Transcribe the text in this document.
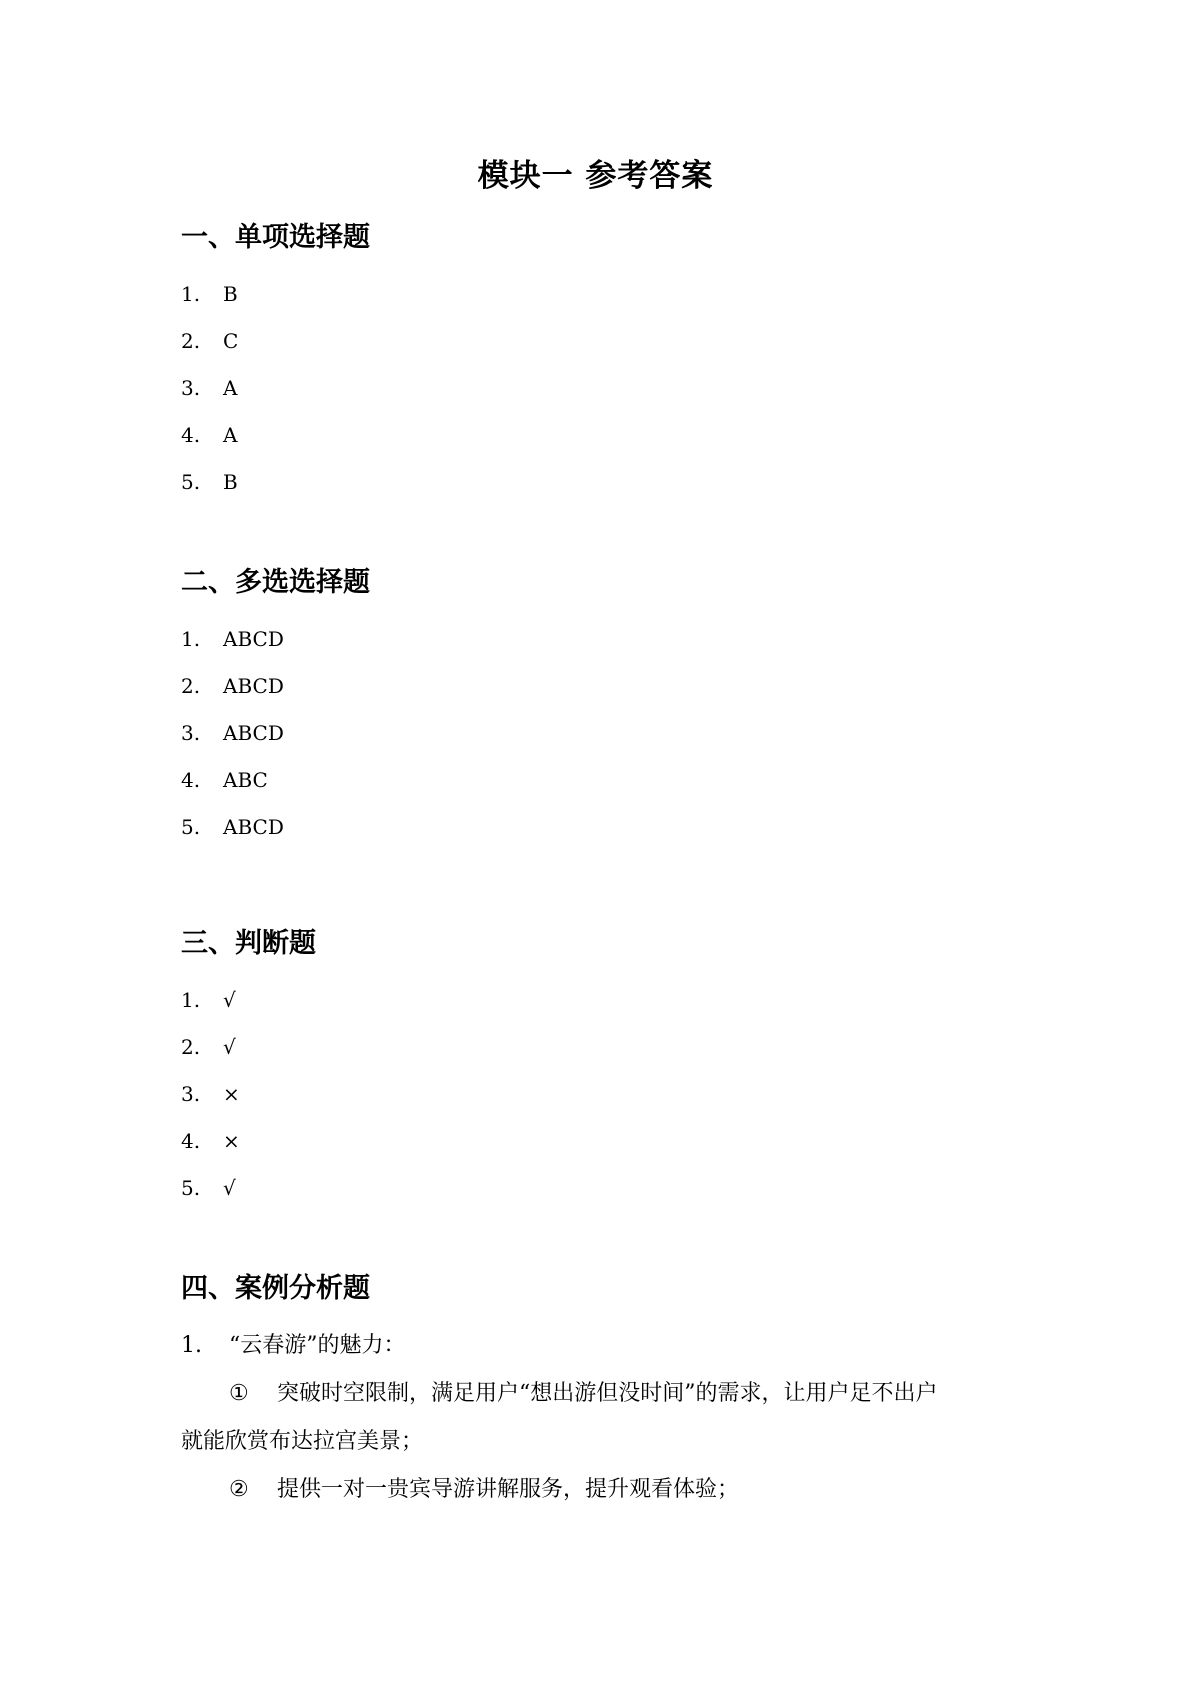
模块一 参考答案
一、单项选择题
1. B
2. C
3. A
4. A
5. B
二、多选选择题
1. ABCD
2. ABCD
3. ABCD
4. ABC
5. ABCD
三、判断题
1. √
2. √
3. ×
4. ×
5. √
四、案例分析题
1. “云春游”的魅力：
① 突破时空限制，满足用户“想出游但没时间”的需求，让用户足不出户
就能欣赏布达拉宫美景；
② 提供一对一贵宾导游讲解服务，提升观看体验；
